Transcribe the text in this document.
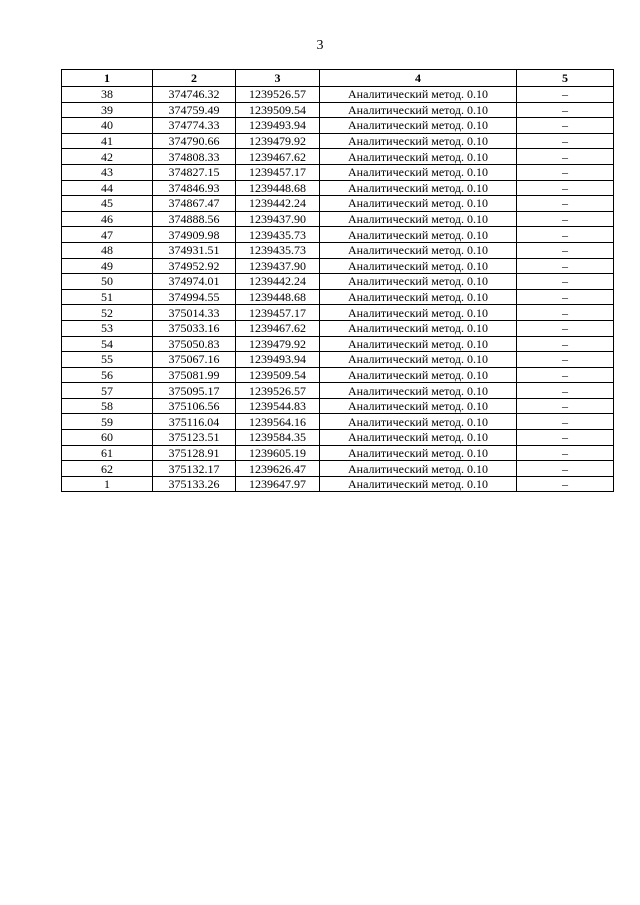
3
1	2	3	4	5
38	374746.32	1239526.57	Аналитический метод. 0.10	–
39	374759.49	1239509.54	Аналитический метод. 0.10	–
40	374774.33	1239493.94	Аналитический метод. 0.10	–
41	374790.66	1239479.92	Аналитический метод. 0.10	–
42	374808.33	1239467.62	Аналитический метод. 0.10	–
43	374827.15	1239457.17	Аналитический метод. 0.10	–
44	374846.93	1239448.68	Аналитический метод. 0.10	–
45	374867.47	1239442.24	Аналитический метод. 0.10	–
46	374888.56	1239437.90	Аналитический метод. 0.10	–
47	374909.98	1239435.73	Аналитический метод. 0.10	–
48	374931.51	1239435.73	Аналитический метод. 0.10	–
49	374952.92	1239437.90	Аналитический метод. 0.10	–
50	374974.01	1239442.24	Аналитический метод. 0.10	–
51	374994.55	1239448.68	Аналитический метод. 0.10	–
52	375014.33	1239457.17	Аналитический метод. 0.10	–
53	375033.16	1239467.62	Аналитический метод. 0.10	–
54	375050.83	1239479.92	Аналитический метод. 0.10	–
55	375067.16	1239493.94	Аналитический метод. 0.10	–
56	375081.99	1239509.54	Аналитический метод. 0.10	–
57	375095.17	1239526.57	Аналитический метод. 0.10	–
58	375106.56	1239544.83	Аналитический метод. 0.10	–
59	375116.04	1239564.16	Аналитический метод. 0.10	–
60	375123.51	1239584.35	Аналитический метод. 0.10	–
61	375128.91	1239605.19	Аналитический метод. 0.10	–
62	375132.17	1239626.47	Аналитический метод. 0.10	–
1	375133.26	1239647.97	Аналитический метод. 0.10	–
